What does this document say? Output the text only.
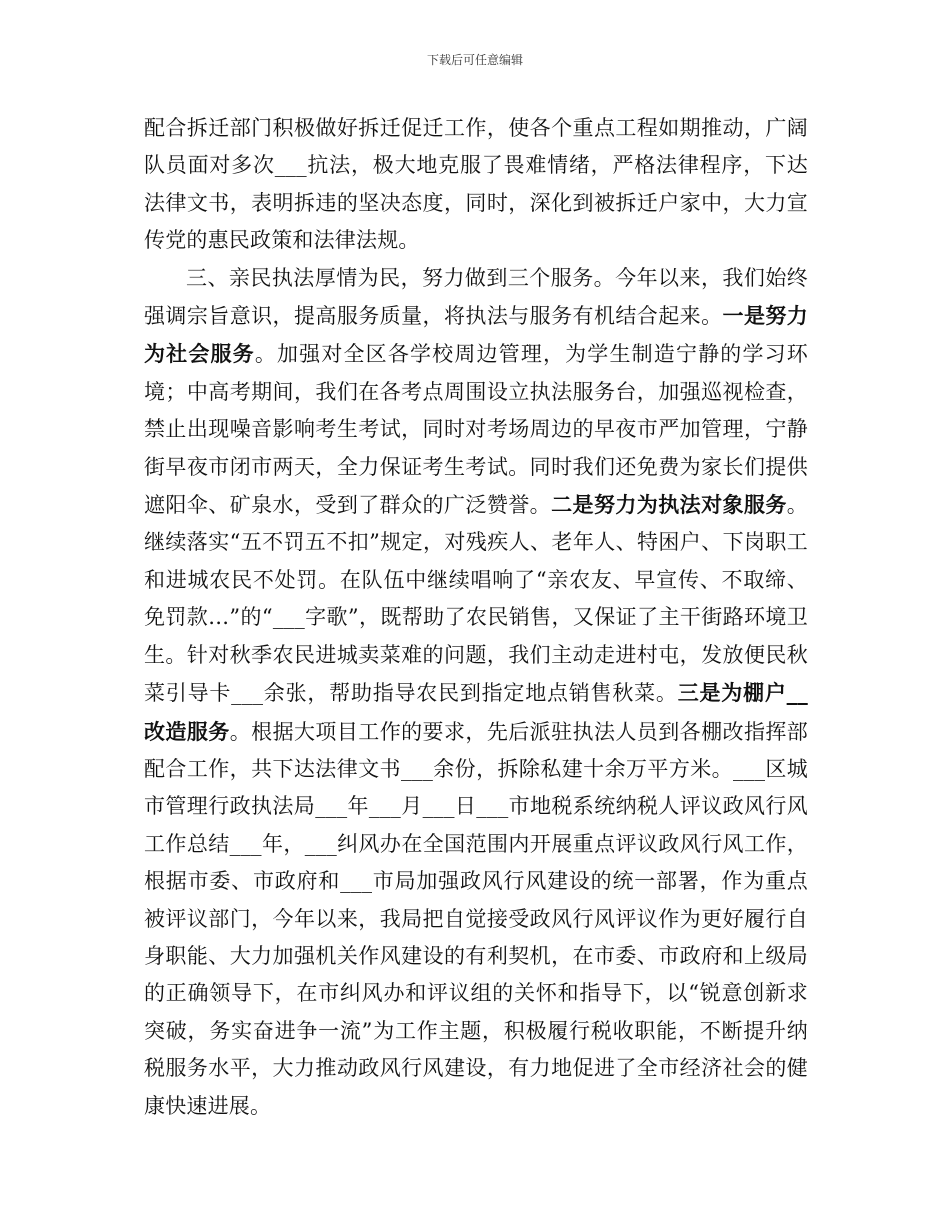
下载后可任意编辑

配合拆迁部门积极做好拆迁促迁工作，使各个重点工程如期推动，广阔队员面对多次___抗法，极大地克服了畏难情绪，严格法律程序，下达法律文书，表明拆违的坚决态度，同时，深化到被拆迁户家中，大力宣传党的惠民政策和法律法规。

三、亲民执法厚情为民，努力做到三个服务。今年以来，我们始终强调宗旨意识，提高服务质量，将执法与服务有机结合起来。一是努力为社会服务。加强对全区各学校周边管理，为学生制造宁静的学习环境；中高考期间，我们在各考点周围设立执法服务台，加强巡视检查，禁止出现噪音影响考生考试，同时对考场周边的早夜市严加管理，宁静街早夜市闭市两天，全力保证考生考试。同时我们还免费为家长们提供遮阳伞、矿泉水，受到了群众的广泛赞誉。二是努力为执法对象服务。继续落实“五不罚五不扣”规定，对残疾人、老年人、特困户、下岗职工和进城农民不处罚。在队伍中继续唱响了“亲农友、早宣传、不取缔、免罚款…”的“___字歌”，既帮助了农民销售，又保证了主干街路环境卫生。针对秋季农民进城卖菜难的问题，我们主动走进村屯，发放便民秋菜引导卡___余张，帮助指导农民到指定地点销售秋菜。三是为棚户__改造服务。根据大项目工作的要求，先后派驻执法人员到各棚改指挥部配合工作，共下达法律文书___余份，拆除私建十余万平方米。___区城市管理行政执法局___年___月___日___市地税系统纳税人评议政风行风工作总结___年，___纠风办在全国范围内开展重点评议政风行风工作，根据市委、市政府和___市局加强政风行风建设的统一部署，作为重点被评议部门，今年以来，我局把自觉接受政风行风评议作为更好履行自身职能、大力加强机关作风建设的有利契机，在市委、市政府和上级局的正确领导下，在市纠风办和评议组的关怀和指导下，以“锐意创新求突破，务实奋进争一流”为工作主题，积极履行税收职能，不断提升纳税服务水平，大力推动政风行风建设，有力地促进了全市经济社会的健康快速进展。
